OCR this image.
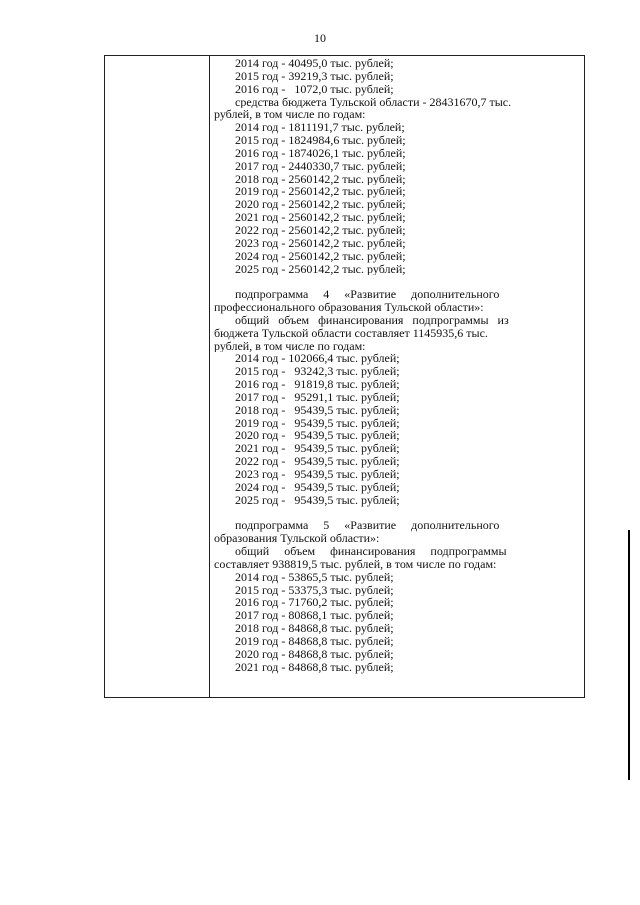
10
2014 год - 40495,0 тыс. рублей;
2015 год - 39219,3 тыс. рублей;
2016 год -   1072,0 тыс. рублей;
средства бюджета Тульской области - 28431670,7 тыс.
рублей, в том числе по годам:
2014 год - 1811191,7 тыс. рублей;
2015 год - 1824984,6 тыс. рублей;
2016 год - 1874026,1 тыс. рублей;
2017 год - 2440330,7 тыс. рублей;
2018 год - 2560142,2 тыс. рублей;
2019 год - 2560142,2 тыс. рублей;
2020 год - 2560142,2 тыс. рублей;
2021 год - 2560142,2 тыс. рублей;
2022 год - 2560142,2 тыс. рублей;
2023 год - 2560142,2 тыс. рублей;
2024 год - 2560142,2 тыс. рублей;
2025 год - 2560142,2 тыс. рублей;
подпрограмма     4     «Развитие     дополнительного
профессионального образования Тульской области»:
общий   объем   финансирования   подпрограммы   из
бюджета Тульской области составляет 1145935,6 тыс.
рублей, в том числе по годам:
2014 год - 102066,4 тыс. рублей;
2015 год -   93242,3 тыс. рублей;
2016 год -   91819,8 тыс. рублей;
2017 год -   95291,1 тыс. рублей;
2018 год -   95439,5 тыс. рублей;
2019 год -   95439,5 тыс. рублей;
2020 год -   95439,5 тыс. рублей;
2021 год -   95439,5 тыс. рублей;
2022 год -   95439,5 тыс. рублей;
2023 год -   95439,5 тыс. рублей;
2024 год -   95439,5 тыс. рублей;
2025 год -   95439,5 тыс. рублей;
подпрограмма     5     «Развитие     дополнительного
образования Тульской области»:
общий     объем     финансирования     подпрограммы
составляет 938819,5 тыс. рублей, в том числе по годам:
2014 год - 53865,5 тыс. рублей;
2015 год - 53375,3 тыс. рублей;
2016 год - 71760,2 тыс. рублей;
2017 год - 80868,1 тыс. рублей;
2018 год - 84868,8 тыс. рублей;
2019 год - 84868,8 тыс. рублей;
2020 год - 84868,8 тыс. рублей;
2021 год - 84868,8 тыс. рублей;
